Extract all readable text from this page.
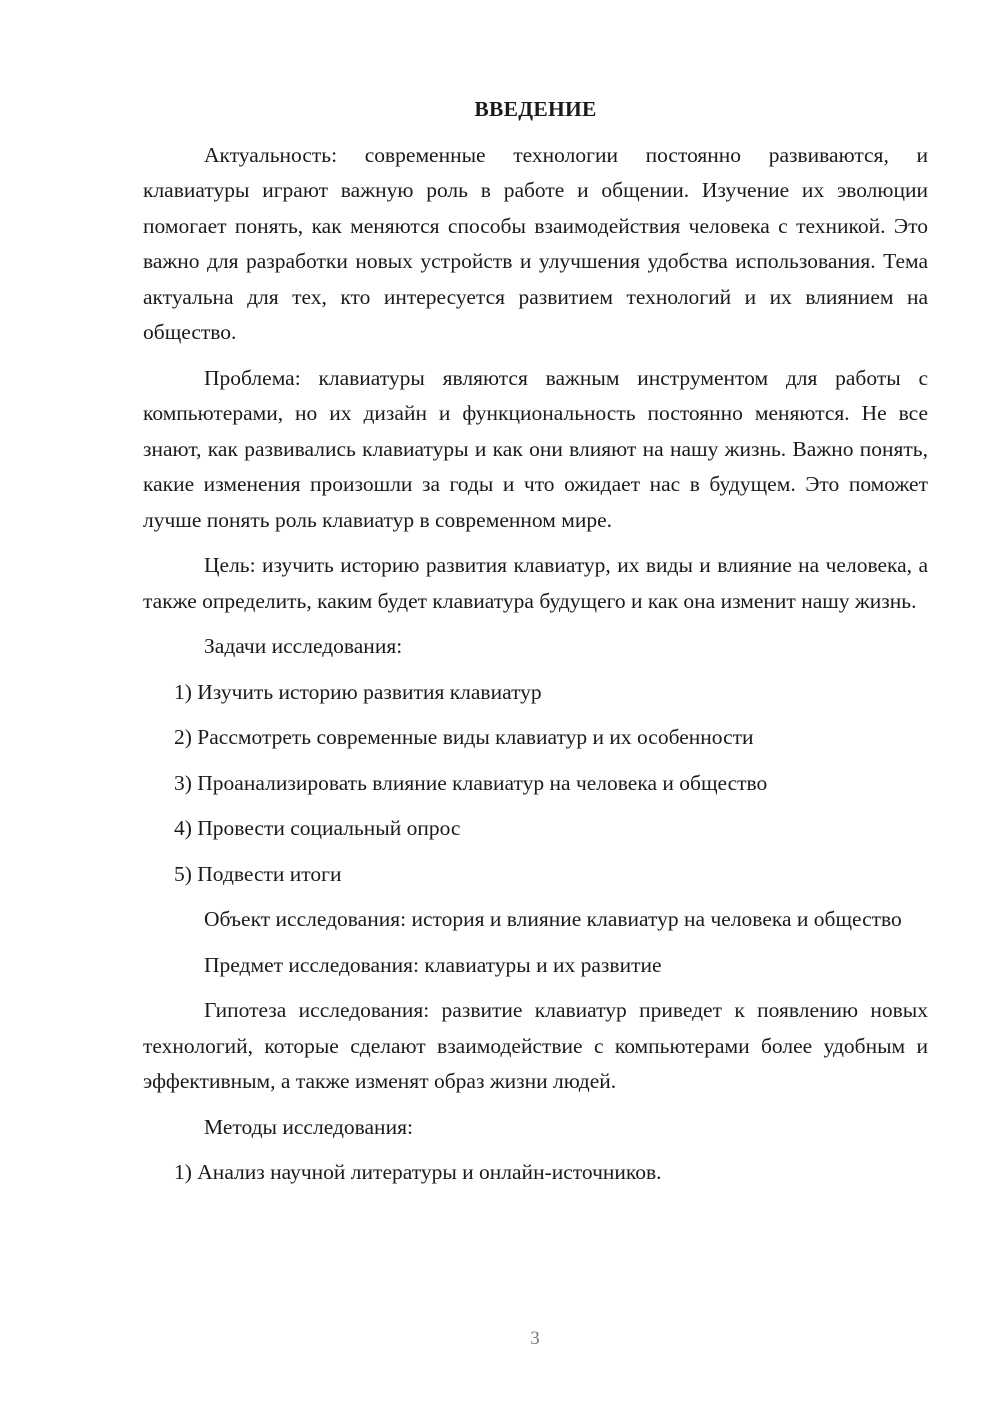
ВВЕДЕНИЕ

Актуальность: современные технологии постоянно развиваются, и клавиатуры играют важную роль в работе и общении. Изучение их эволюции помогает понять, как меняются способы взаимодействия человека с техникой. Это важно для разработки новых устройств и улучшения удобства использования. Тема актуальна для тех, кто интересуется развитием технологий и их влиянием на общество.

Проблема: клавиатуры являются важным инструментом для работы с компьютерами, но их дизайн и функциональность постоянно меняются. Не все знают, как развивались клавиатуры и как они влияют на нашу жизнь. Важно понять, какие изменения произошли за годы и что ожидает нас в будущем. Это поможет лучше понять роль клавиатур в современном мире.

Цель: изучить историю развития клавиатур, их виды и влияние на человека, а также определить, каким будет клавиатура будущего и как она изменит нашу жизнь.

Задачи исследования:
1) Изучить историю развития клавиатур
2) Рассмотреть современные виды клавиатур и их особенности
3) Проанализировать влияние клавиатур на человека и общество
4) Провести социальный опрос
5) Подвести итоги

Объект исследования: история и влияние клавиатур на человека и общество

Предмет исследования: клавиатуры и их развитие

Гипотеза исследования: развитие клавиатур приведет к появлению новых технологий, которые сделают взаимодействие с компьютерами более удобным и эффективным, а также изменят образ жизни людей.

Методы исследования:
1) Анализ научной литературы и онлайн-источников.
3
